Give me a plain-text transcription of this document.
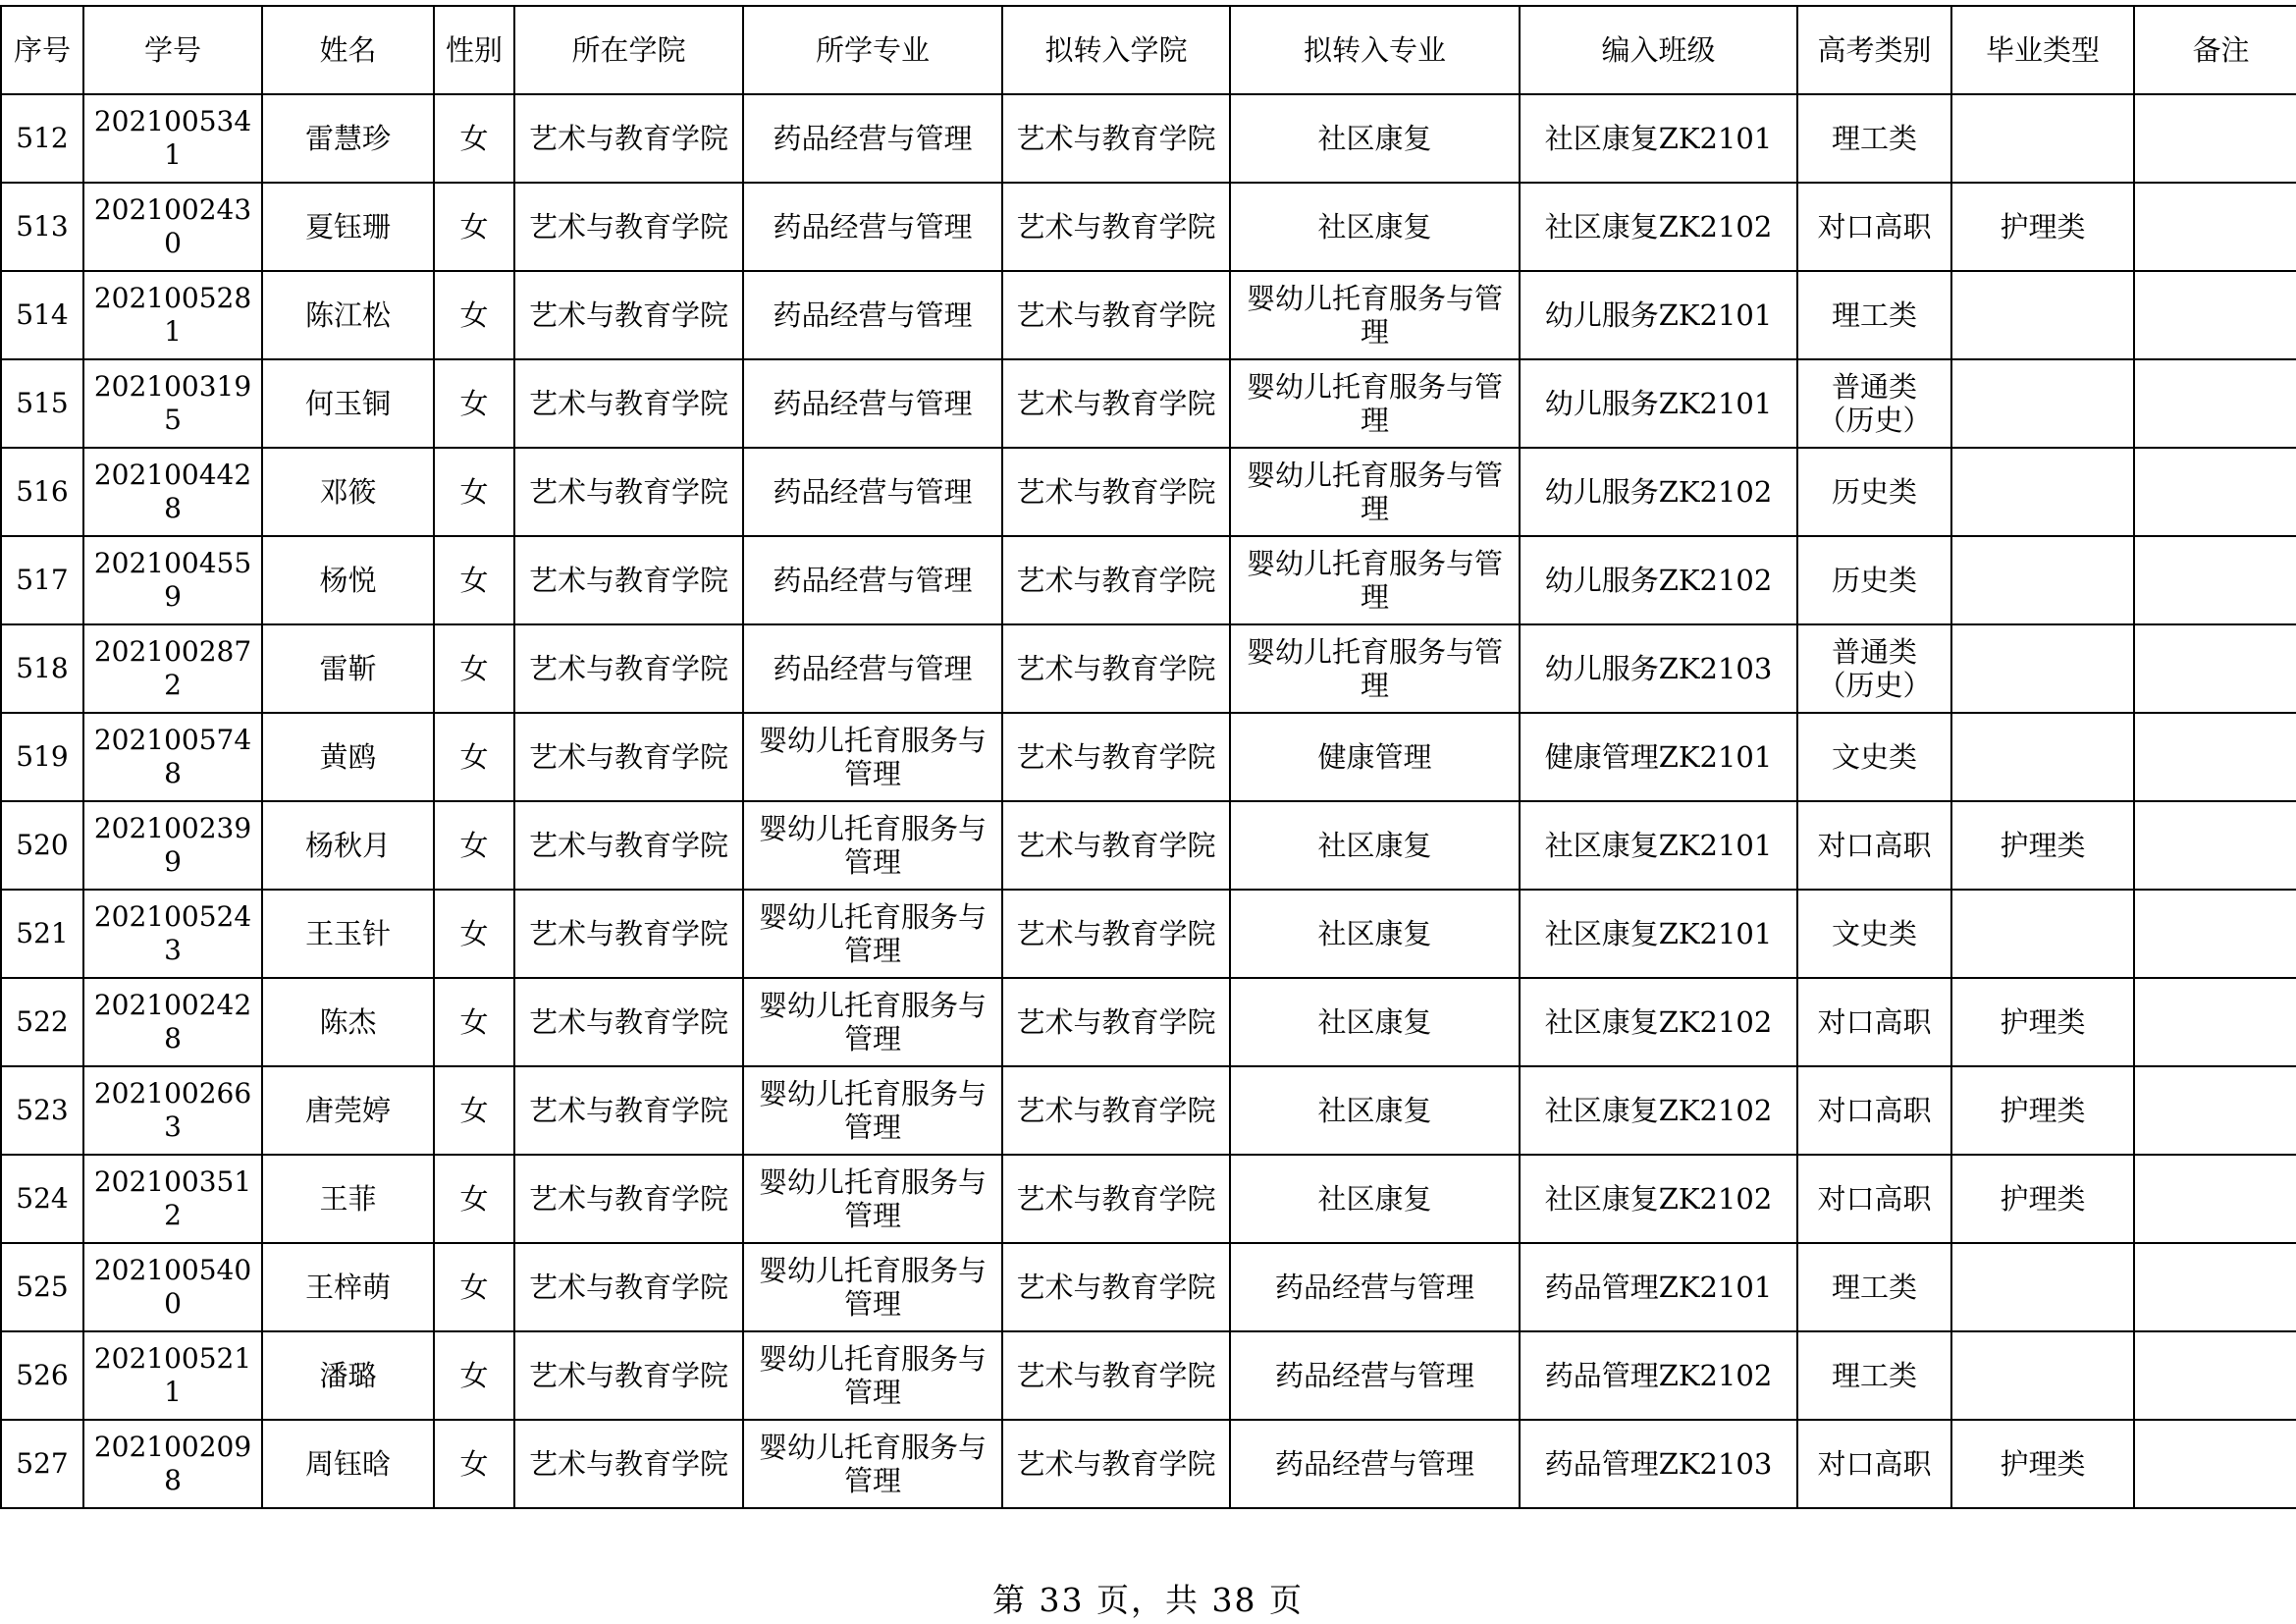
序号	学号	姓名	性别	所在学院	所学专业	拟转入学院	拟转入专业	编入班级	高考类别	毕业类型	备注
512	2021005341	雷慧珍	女	艺术与教育学院	药品经营与管理	艺术与教育学院	社区康复	社区康复ZK2101	理工类		
513	2021002430	夏钰珊	女	艺术与教育学院	药品经营与管理	艺术与教育学院	社区康复	社区康复ZK2102	对口高职	护理类	
514	2021005281	陈江松	女	艺术与教育学院	药品经营与管理	艺术与教育学院	婴幼儿托育服务与管理	幼儿服务ZK2101	理工类		
515	2021003195	何玉铜	女	艺术与教育学院	药品经营与管理	艺术与教育学院	婴幼儿托育服务与管理	幼儿服务ZK2101	普通类（历史）		
516	2021004428	邓筱	女	艺术与教育学院	药品经营与管理	艺术与教育学院	婴幼儿托育服务与管理	幼儿服务ZK2102	历史类		
517	2021004559	杨悦	女	艺术与教育学院	药品经营与管理	艺术与教育学院	婴幼儿托育服务与管理	幼儿服务ZK2102	历史类		
518	2021002872	雷靳	女	艺术与教育学院	药品经营与管理	艺术与教育学院	婴幼儿托育服务与管理	幼儿服务ZK2103	普通类（历史）		
519	2021005748	黄鸥	女	艺术与教育学院	婴幼儿托育服务与管理	艺术与教育学院	健康管理	健康管理ZK2101	文史类		
520	2021002399	杨秋月	女	艺术与教育学院	婴幼儿托育服务与管理	艺术与教育学院	社区康复	社区康复ZK2101	对口高职	护理类	
521	2021005243	王玉针	女	艺术与教育学院	婴幼儿托育服务与管理	艺术与教育学院	社区康复	社区康复ZK2101	文史类		
522	2021002428	陈杰	女	艺术与教育学院	婴幼儿托育服务与管理	艺术与教育学院	社区康复	社区康复ZK2102	对口高职	护理类	
523	2021002663	唐莞婷	女	艺术与教育学院	婴幼儿托育服务与管理	艺术与教育学院	社区康复	社区康复ZK2102	对口高职	护理类	
524	2021003512	王菲	女	艺术与教育学院	婴幼儿托育服务与管理	艺术与教育学院	社区康复	社区康复ZK2102	对口高职	护理类	
525	2021005400	王梓萌	女	艺术与教育学院	婴幼儿托育服务与管理	艺术与教育学院	药品经营与管理	药品管理ZK2101	理工类		
526	2021005211	潘璐	女	艺术与教育学院	婴幼儿托育服务与管理	艺术与教育学院	药品经营与管理	药品管理ZK2102	理工类		
527	2021002098	周钰晗	女	艺术与教育学院	婴幼儿托育服务与管理	艺术与教育学院	药品经营与管理	药品管理ZK2103	对口高职	护理类	
第 33 页，共 38 页
